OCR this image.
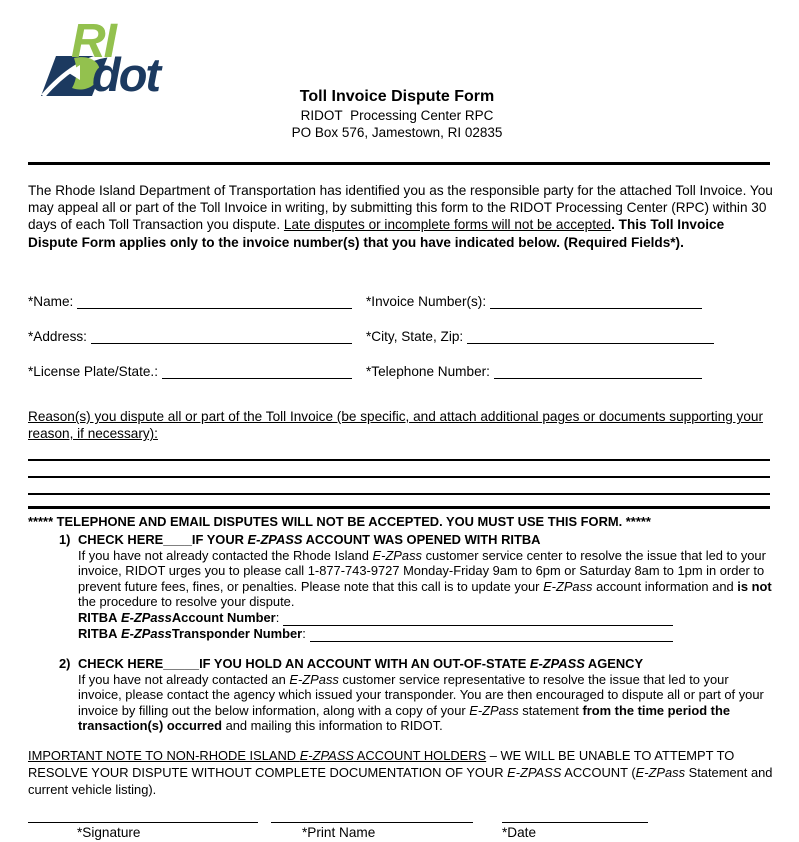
dot
RI
Toll Invoice Dispute Form
RIDOT  Processing Center RPC
PO Box 576, Jamestown, RI 02835
The Rhode Island Department of Transportation has identified you as the responsible party for the attached Toll Invoice. You may appeal all or part of the Toll Invoice in writing, by submitting this form to the RIDOT Processing Center (RPC) within 30 days of each Toll Transaction you dispute. Late disputes or incomplete forms will not be accepted. This Toll Invoice Dispute Form applies only to the invoice number(s) that you have indicated below. (Required Fields*).
*Name:	*Invoice Number(s):
*Address:	*City, State, Zip:
*License Plate/State.:	*Telephone Number:
Reason(s) you dispute all or part of the Toll Invoice (be specific, and attach additional pages or documents supporting your reason, if necessary):
***** TELEPHONE AND EMAIL DISPUTES WILL NOT BE ACCEPTED. YOU MUST USE THIS FORM. *****
1) CHECK HERE____IF YOUR E-ZPASS ACCOUNT WAS OPENED WITH RITBA
If you have not already contacted the Rhode Island E-ZPass customer service center to resolve the issue that led to your invoice, RIDOT urges you to please call 1-877-743-9727 Monday-Friday 9am to 6pm or Saturday 8am to 1pm in order to prevent future fees, fines, or penalties. Please note that this call is to update your E-ZPass account information and is not the procedure to resolve your dispute.
RITBA E-ZPass Account Number :
RITBA E-ZPass Transponder Number :
2) CHECK HERE_____IF YOU HOLD AN ACCOUNT WITH AN OUT-OF-STATE E-ZPASS AGENCY
If you have not already contacted an E-ZPass customer service representative to resolve the issue that led to your invoice, please contact the agency which issued your transponder. You are then encouraged to dispute all or part of your invoice by filling out the below information, along with a copy of your E-ZPass statement from the time period the transaction(s) occurred and mailing this information to RIDOT.
IMPORTANT NOTE TO NON-RHODE ISLAND E-ZPASS ACCOUNT HOLDERS – WE WILL BE UNABLE TO ATTEMPT TO RESOLVE YOUR DISPUTE WITHOUT COMPLETE DOCUMENTATION OF YOUR E-ZPASS ACCOUNT (E-ZPass Statement and current vehicle listing).
*Signature	*Print Name	*Date
